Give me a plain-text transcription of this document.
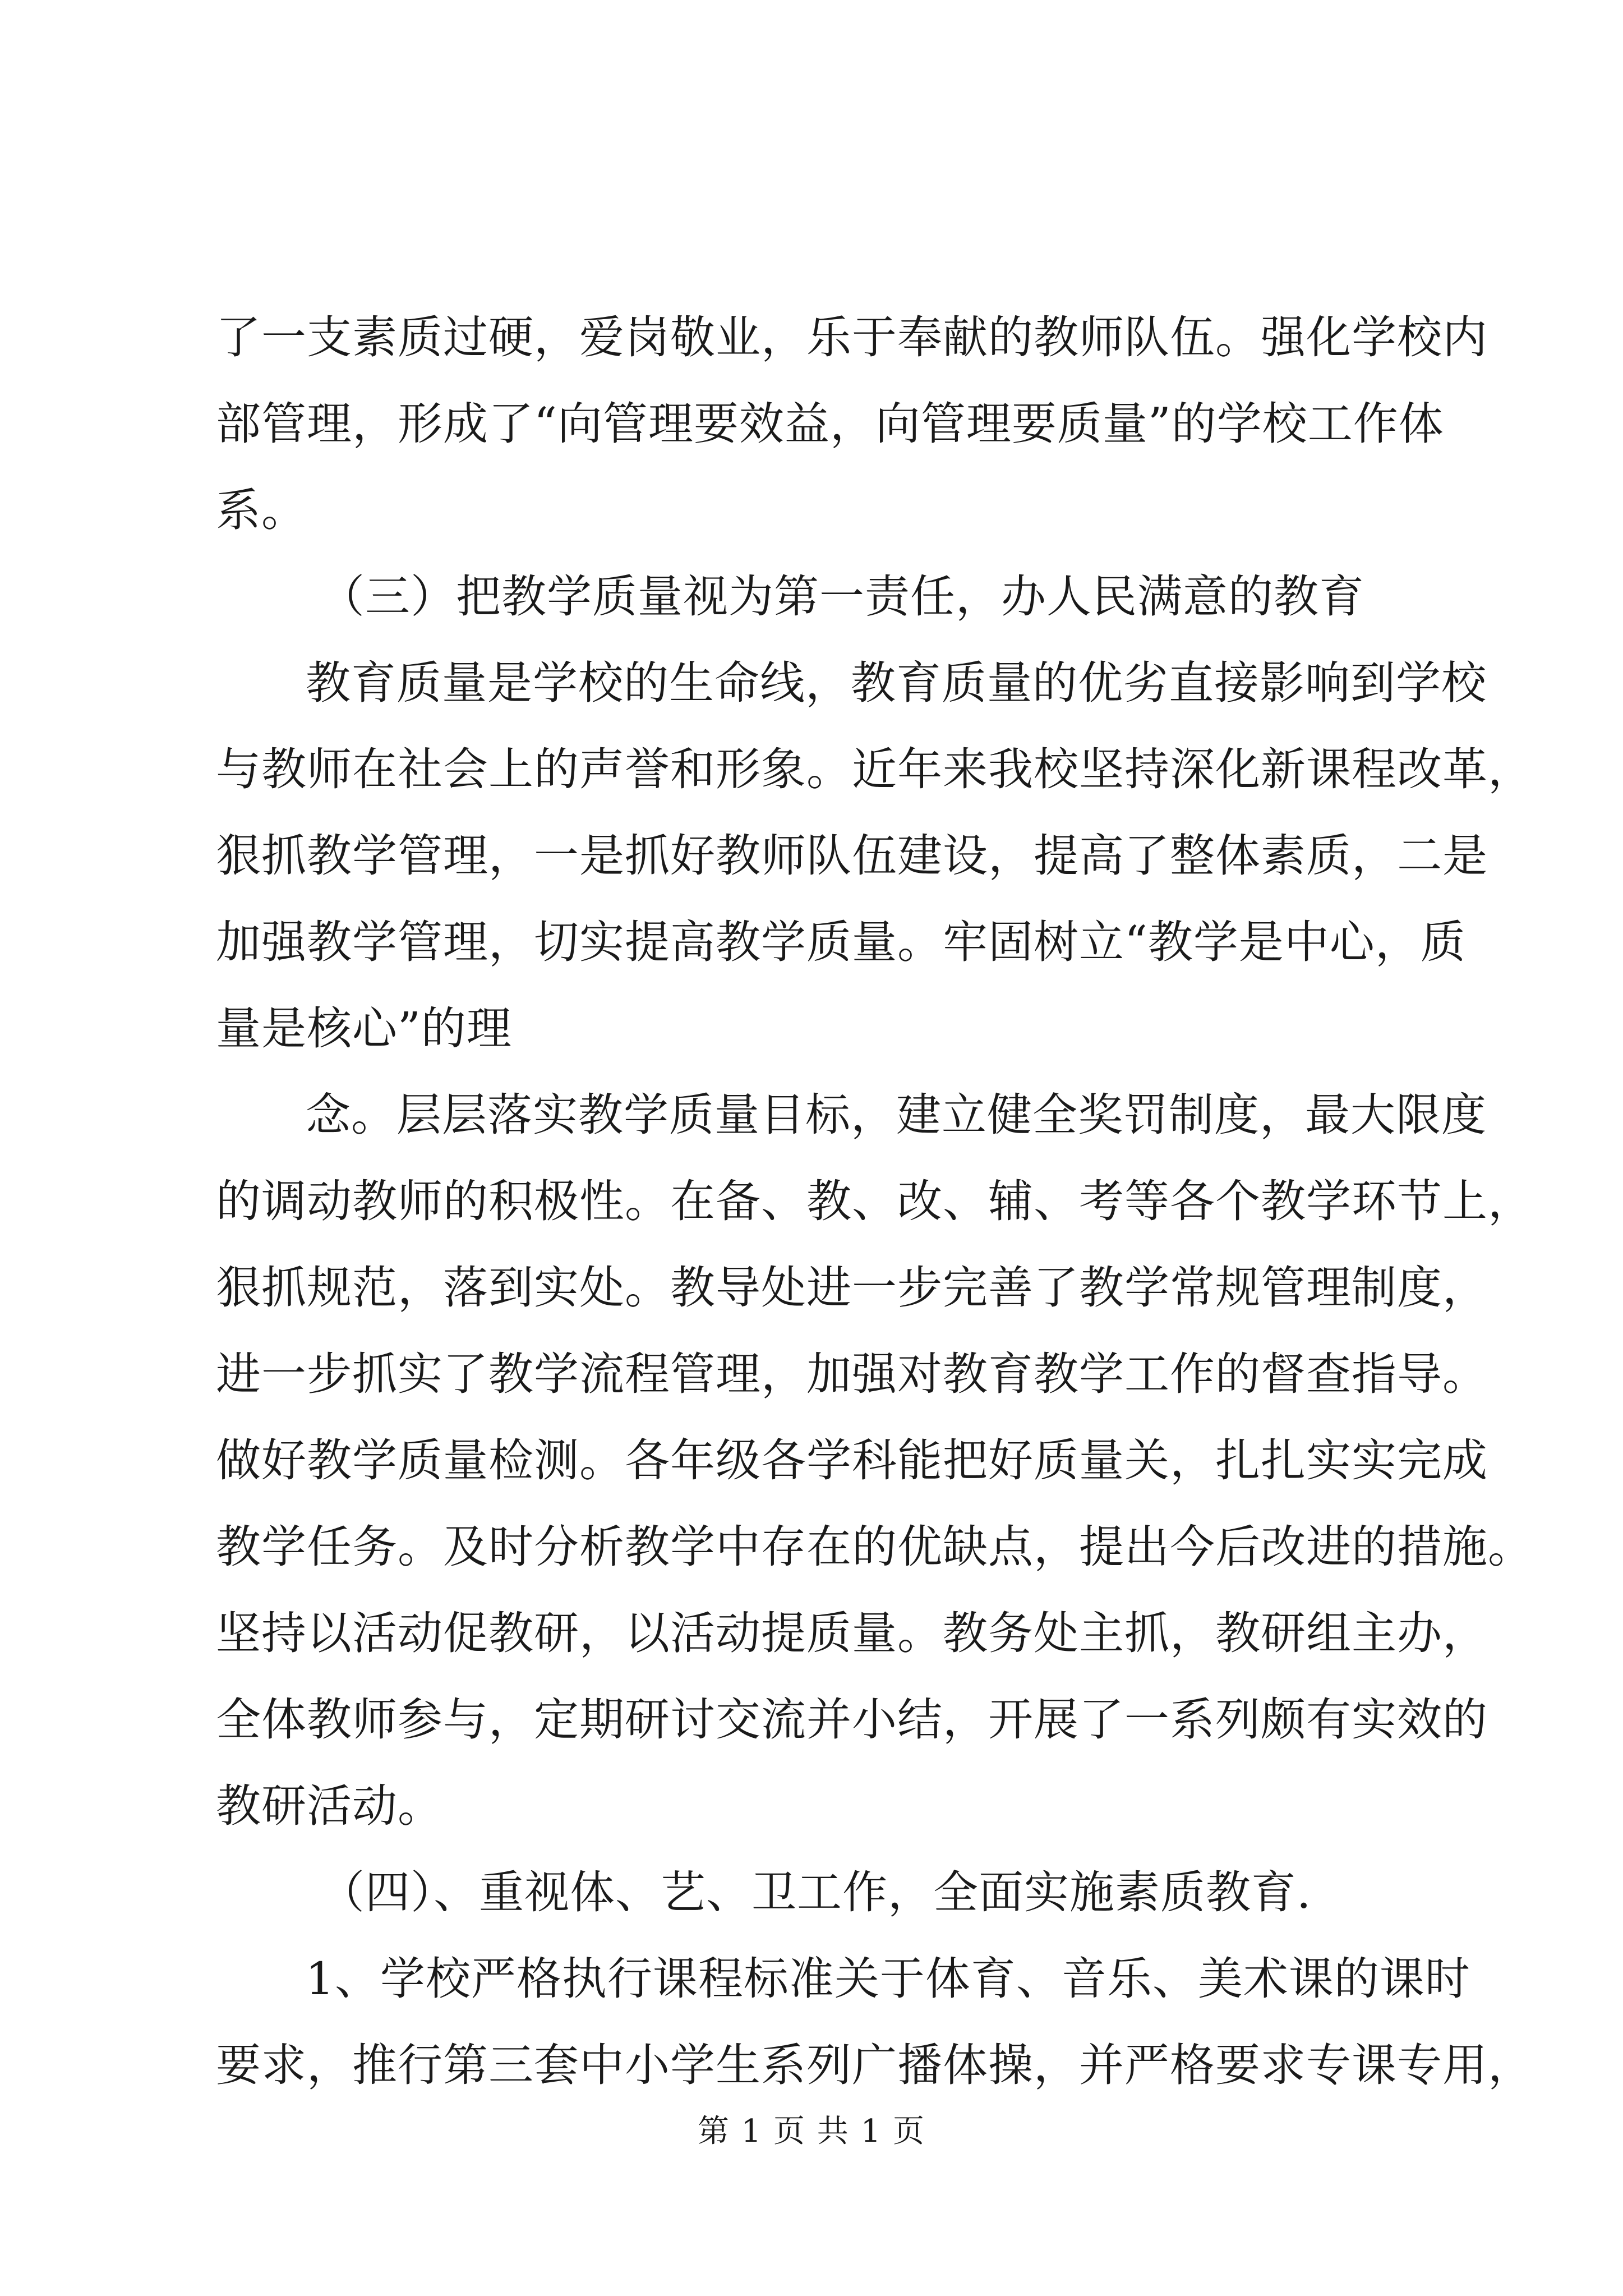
了一支素质过硬，爱岗敬业，乐于奉献的教师队伍。强化学校内
部管理，形成了“向管理要效益，向管理要质量”的学校工作体
系。
（三）把教学质量视为第一责任，办人民满意的教育
教育质量是学校的生命线，教育质量的优劣直接影响到学校
与教师在社会上的声誉和形象。近年来我校坚持深化新课程改革，
狠抓教学管理，一是抓好教师队伍建设，提高了整体素质，二是
加强教学管理，切实提高教学质量。牢固树立“教学是中心，质
量是核心”的理
念。层层落实教学质量目标，建立健全奖罚制度，最大限度
的调动教师的积极性。在备、教、改、辅、考等各个教学环节上，
狠抓规范，落到实处。教导处进一步完善了教学常规管理制度，
进一步抓实了教学流程管理，加强对教育教学工作的督查指导。
做好教学质量检测。各年级各学科能把好质量关，扎扎实实完成
教学任务。及时分析教学中存在的优缺点，提出今后改进的措施。
坚持以活动促教研，以活动提质量。教务处主抓，教研组主办，
全体教师参与，定期研讨交流并小结，开展了一系列颇有实效的
教研活动。
（四）、重视体、艺、卫工作，全面实施素质教育.
1、学校严格执行课程标准关于体育、音乐、美术课的课时
要求，推行第三套中小学生系列广播体操，并严格要求专课专用，
第 1 页 共 1 页
